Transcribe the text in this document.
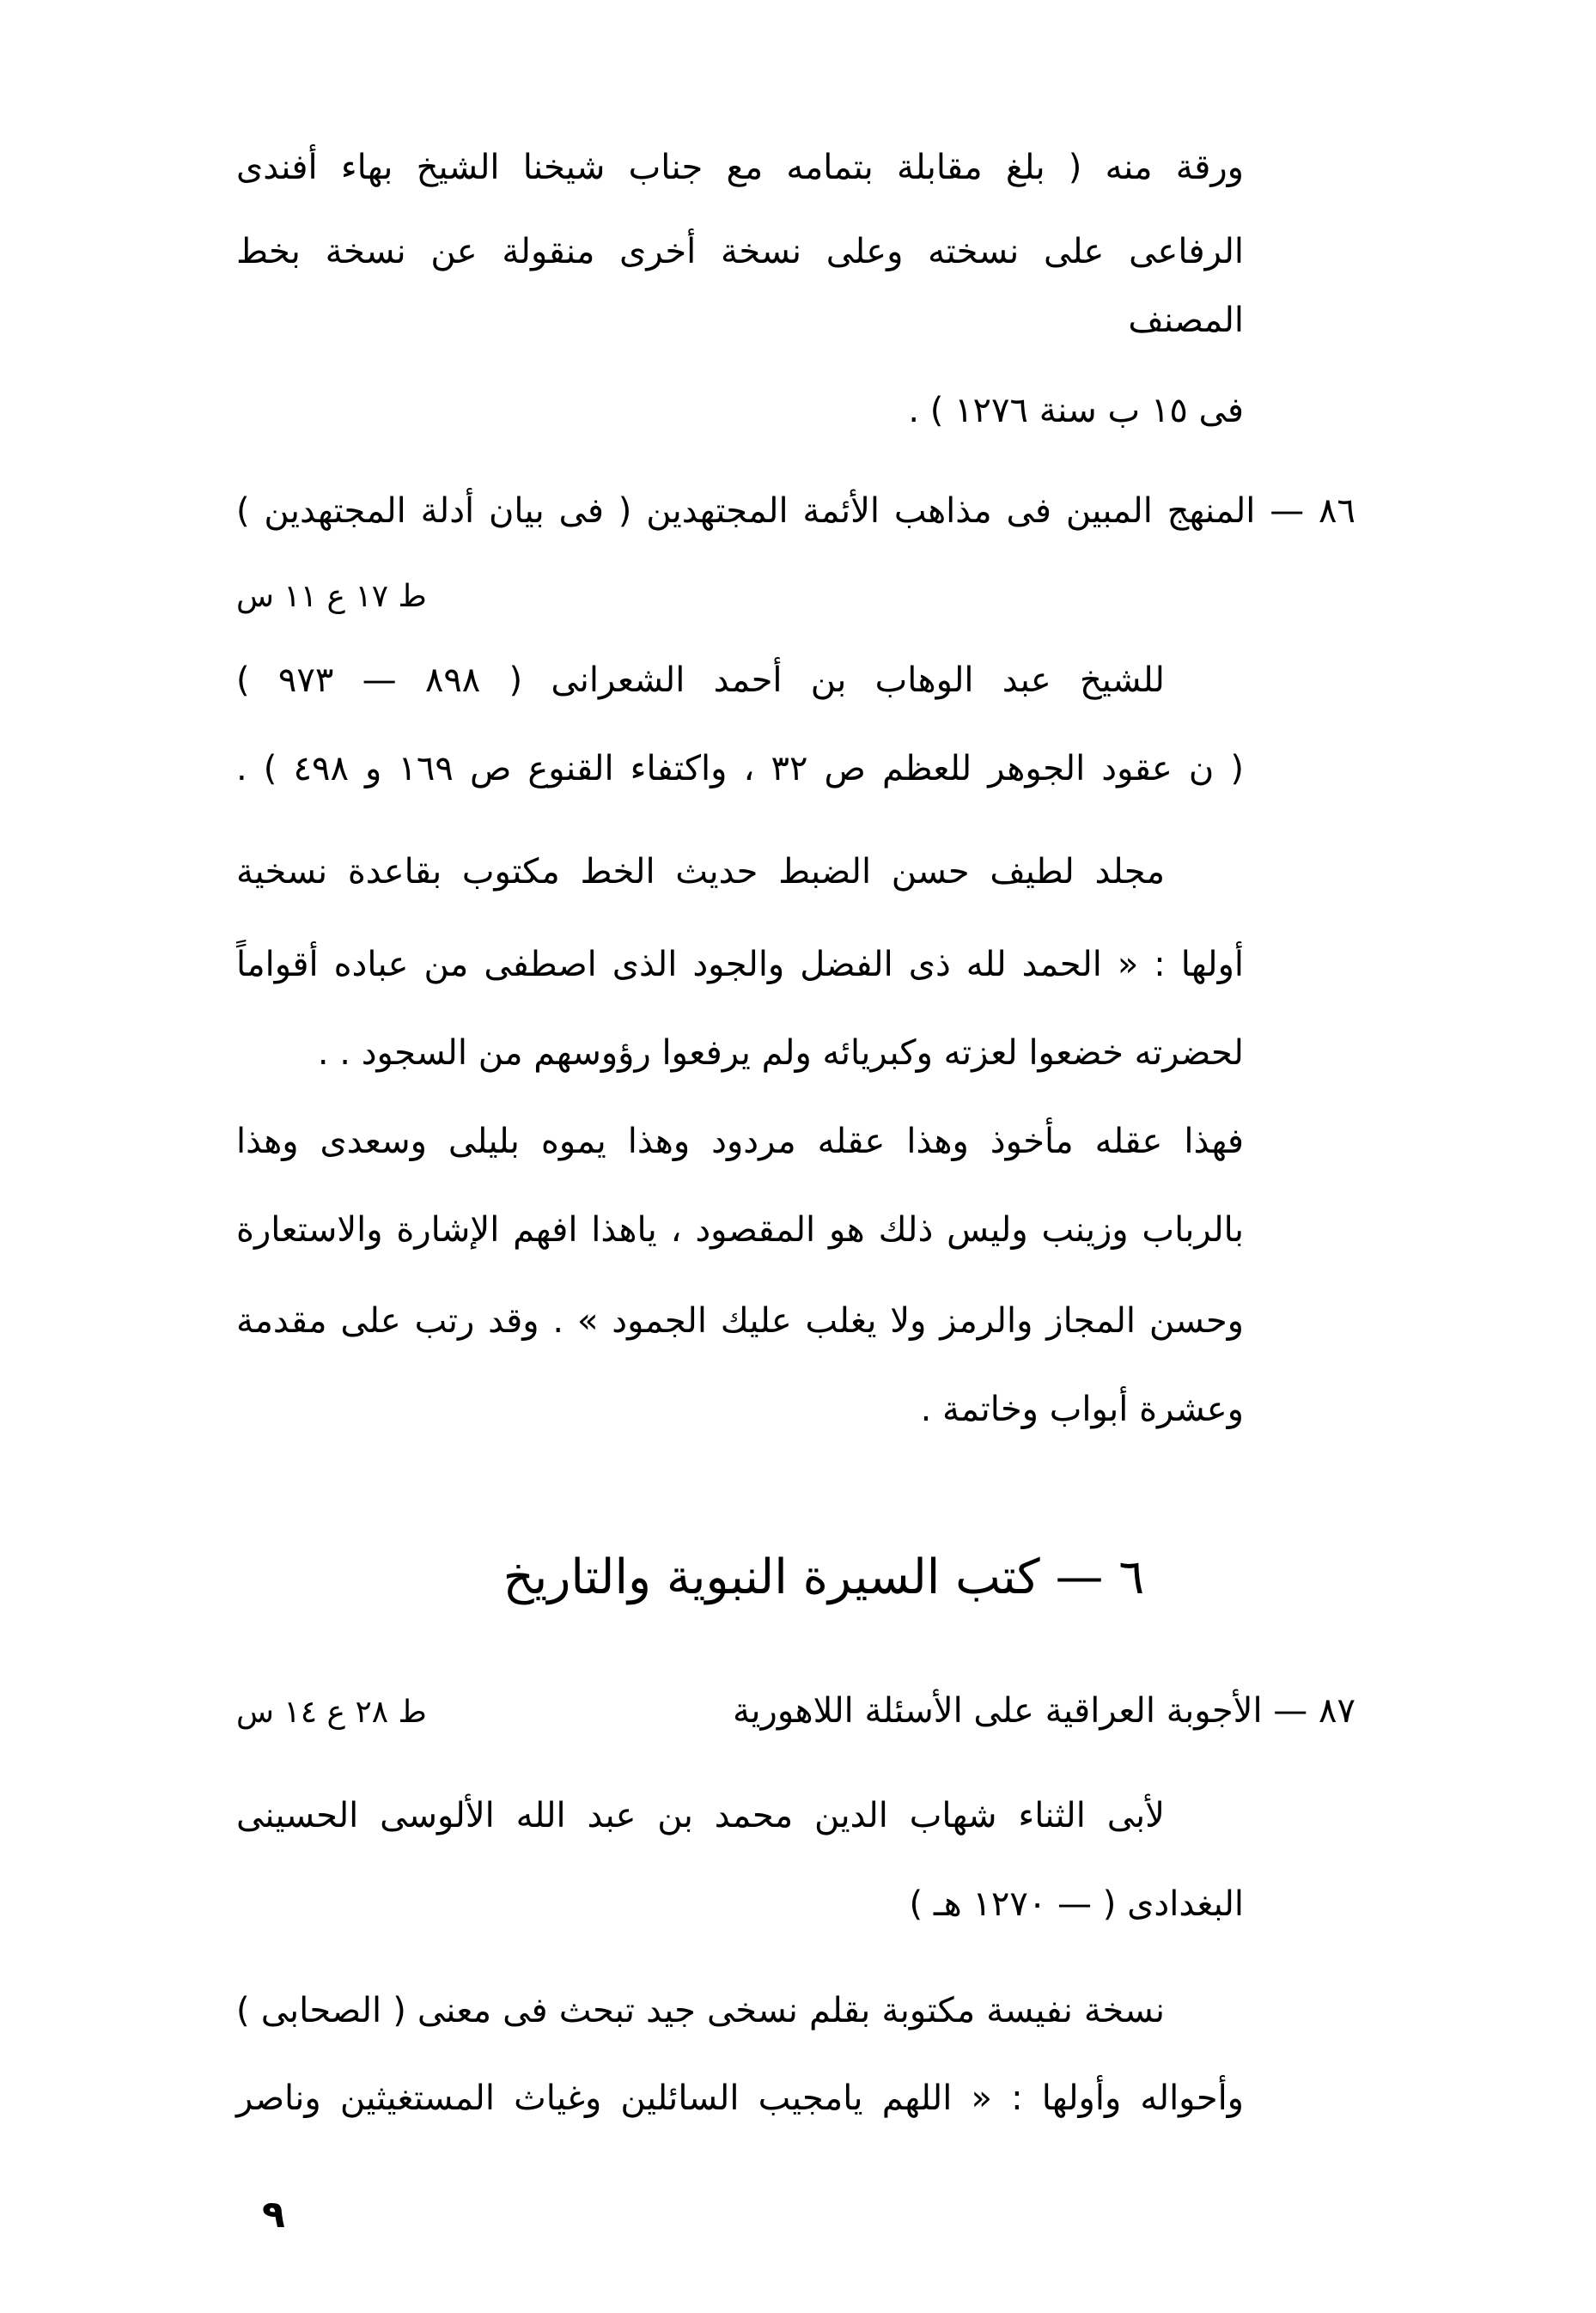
ورقة منه ( بلغ مقابلة بتمامه مع جناب شيخنا الشيخ بهاء أفندى
الرفاعى على نسخته وعلى نسخة أخرى منقولة عن نسخة بخط المصنف
فى ١٥ ب سنة ١٢٧٦ ) .
٨٦ — المنهج المبين فى مذاهب الأئمة المجتهدين ( فى بيان أدلة المجتهدين )
ط ١٧ ع ١١ س
للشيخ عبد الوهاب بن أحمد الشعرانى ( ٨٩٨ — ٩٧٣ )
( ن عقود الجوهر للعظم ص ٣٢ ، واكتفاء القنوع ص ١٦٩ و ٤٩٨ ) .
مجلد لطيف حسن الضبط حديث الخط مكتوب بقاعدة نسخية
أولها : « الحمد لله ذى الفضل والجود الذى اصطفى من عباده أقواماً
لحضرته خضعوا لعزته وكبريائه ولم يرفعوا رؤوسهم من السجود . .
فهذا عقله مأخوذ وهذا عقله مردود وهذا يموه بليلى وسعدى وهذا
بالرباب وزينب وليس ذلك هو المقصود ، ياهذا افهم الإشارة والاستعارة
وحسن المجاز والرمز ولا يغلب عليك الجمود » . وقد رتب على مقدمة
وعشرة أبواب وخاتمة .
٦ — كتب السيرة النبوية والتاريخ
٨٧ — الأجوبة العراقية على الأسئلة اللاهورية
ط ٢٨ ع ١٤ س
لأبى الثناء شهاب الدين محمد بن عبد الله الألوسى الحسينى
البغدادى ( — ١٢٧٠ هـ )
نسخة نفيسة مكتوبة بقلم نسخى جيد تبحث فى معنى ( الصحابى )
وأحواله وأولها : « اللهم يامجيب السائلين وغياث المستغيثين وناصر
٩
